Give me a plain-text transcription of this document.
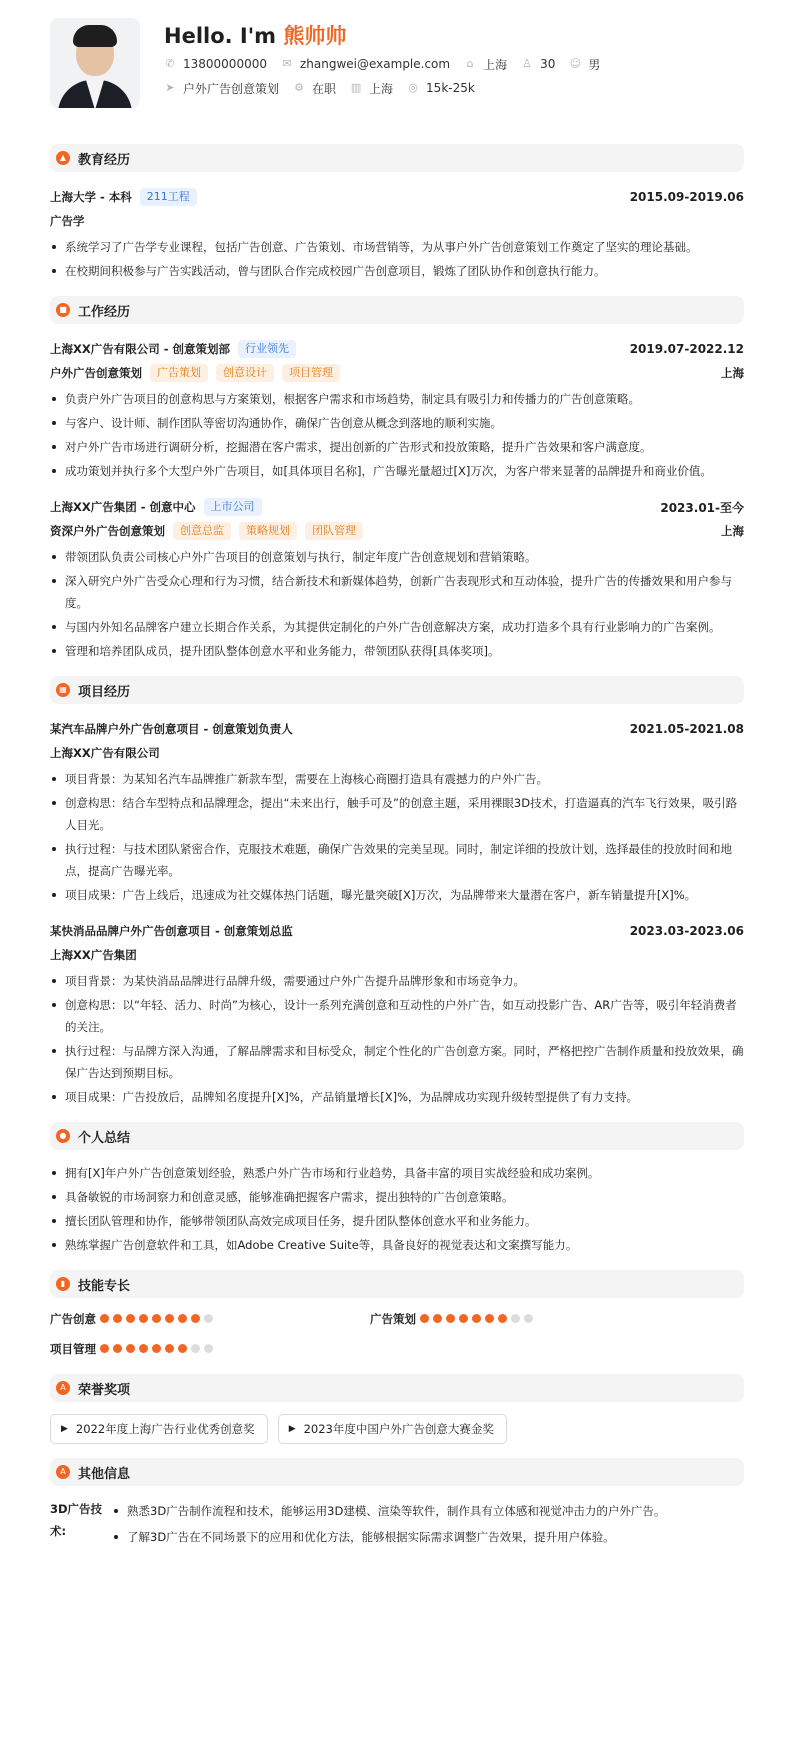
Hello. I'm 熊帅帅
✆ 13800000000 ✉ zhangwei@example.com ⌂ 上海 ♙ 30 ☺ 男
➤ 户外广告创意策划 ⚙ 在职 ▥ 上海 ◎ 15k-25k
▲ 教育经历
上海大学 - 本科	211工程	2015.09-2019.06
广告学
系统学习了广告学专业课程，包括广告创意、广告策划、市场营销等，为从事户外广告创意策划工作奠定了坚实的理论基础。
在校期间积极参与广告实践活动，曾与团队合作完成校园广告创意项目，锻炼了团队协作和创意执行能力。
■ 工作经历
上海XX广告有限公司 - 创意策划部	行业领先	2019.07-2022.12
户外广告创意策划	广告策划	创意设计	项目管理	上海
负责户外广告项目的创意构思与方案策划，根据客户需求和市场趋势，制定具有吸引力和传播力的广告创意策略。
与客户、设计师、制作团队等密切沟通协作，确保广告创意从概念到落地的顺利实施。
对户外广告市场进行调研分析，挖掘潜在客户需求，提出创新的广告形式和投放策略，提升广告效果和客户满意度。
成功策划并执行多个大型户外广告项目，如[具体项目名称]，广告曝光量超过[X]万次，为客户带来显著的品牌提升和商业价值。
上海XX广告集团 - 创意中心	上市公司	2023.01-至今
资深户外广告创意策划	创意总监	策略规划	团队管理	上海
带领团队负责公司核心户外广告项目的创意策划与执行，制定年度广告创意规划和营销策略。
深入研究户外广告受众心理和行为习惯，结合新技术和新媒体趋势，创新广告表现形式和互动体验，提升广告的传播效果和用户参与度。
与国内外知名品牌客户建立长期合作关系，为其提供定制化的户外广告创意解决方案，成功打造多个具有行业影响力的广告案例。
管理和培养团队成员，提升团队整体创意水平和业务能力，带领团队获得[具体奖项]。
▦ 项目经历
某汽车品牌户外广告创意项目 - 创意策划负责人	2021.05-2021.08
上海XX广告有限公司
项目背景：为某知名汽车品牌推广新款车型，需要在上海核心商圈打造具有震撼力的户外广告。
创意构思：结合车型特点和品牌理念，提出“未来出行，触手可及”的创意主题，采用裸眼3D技术，打造逼真的汽车飞行效果，吸引路人目光。
执行过程：与技术团队紧密合作，克服技术难题，确保广告效果的完美呈现。同时，制定详细的投放计划，选择最佳的投放时间和地点，提高广告曝光率。
项目成果：广告上线后，迅速成为社交媒体热门话题，曝光量突破[X]万次，为品牌带来大量潜在客户，新车销量提升[X]%。
某快消品品牌户外广告创意项目 - 创意策划总监	2023.03-2023.06
上海XX广告集团
项目背景：为某快消品品牌进行品牌升级，需要通过户外广告提升品牌形象和市场竞争力。
创意构思：以“年轻、活力、时尚”为核心，设计一系列充满创意和互动性的户外广告，如互动投影广告、AR广告等，吸引年轻消费者的关注。
执行过程：与品牌方深入沟通，了解品牌需求和目标受众，制定个性化的广告创意方案。同时，严格把控广告制作质量和投放效果，确保广告达到预期目标。
项目成果：广告投放后，品牌知名度提升[X]%，产品销量增长[X]%，为品牌成功实现升级转型提供了有力支持。
● 个人总结
拥有[X]年户外广告创意策划经验，熟悉户外广告市场和行业趋势，具备丰富的项目实战经验和成功案例。
具备敏锐的市场洞察力和创意灵感，能够准确把握客户需求，提出独特的广告创意策略。
擅长团队管理和协作，能够带领团队高效完成项目任务，提升团队整体创意水平和业务能力。
熟练掌握广告创意软件和工具，如Adobe Creative Suite等，具备良好的视觉表达和文案撰写能力。
▮ 技能专长
广告创意	广告策划
项目管理
A 荣誉奖项
▶ 2022年度上海广告行业优秀创意奖	▶ 2023年度中国户外广告创意大赛金奖
A 其他信息
3D广告技术:
熟悉3D广告制作流程和技术，能够运用3D建模、渲染等软件，制作具有立体感和视觉冲击力的户外广告。
了解3D广告在不同场景下的应用和优化方法，能够根据实际需求调整广告效果，提升用户体验。
